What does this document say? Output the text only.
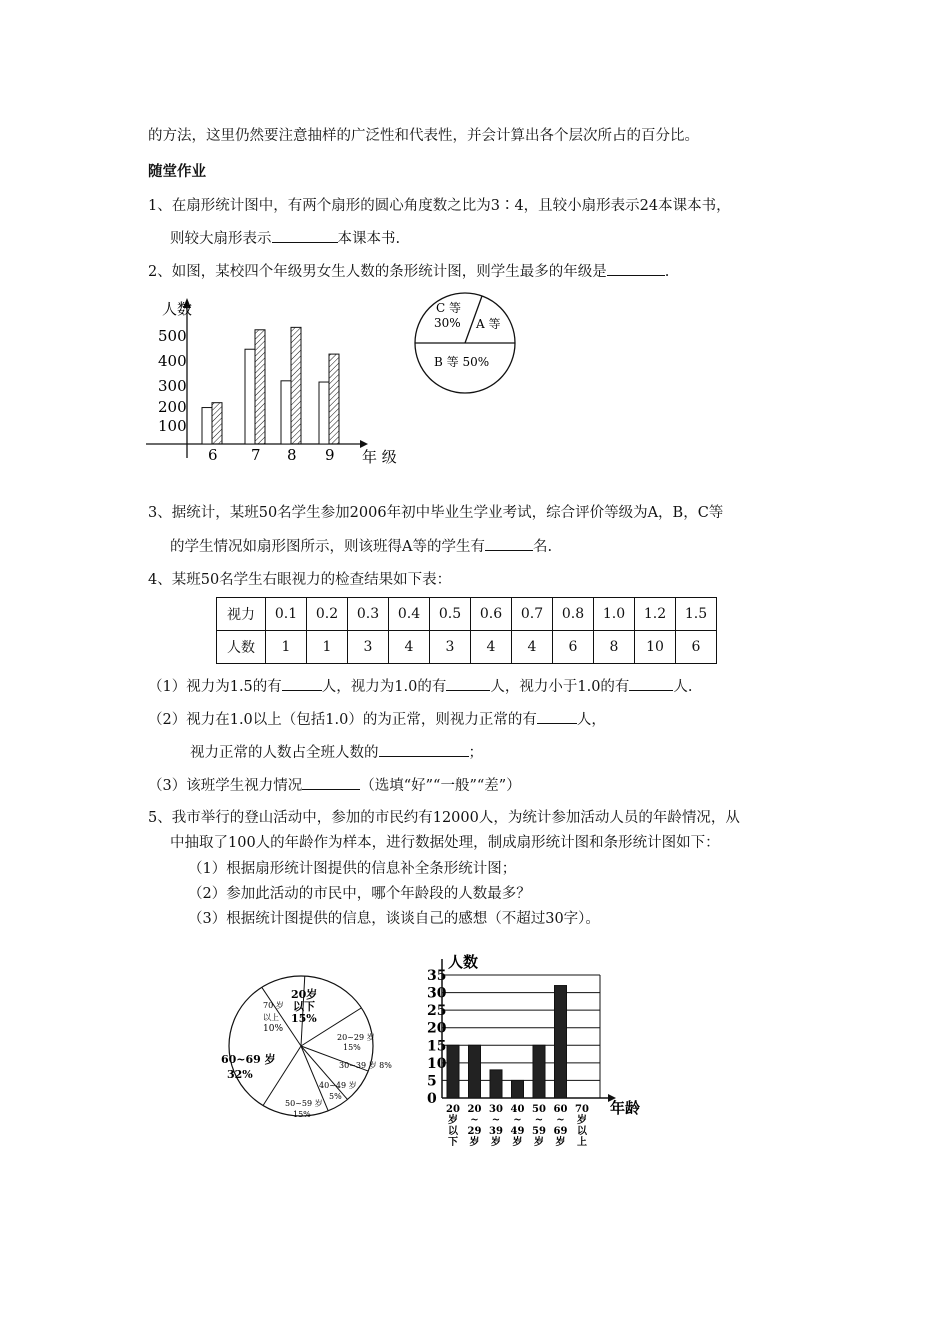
的方法，这里仍然要注意抽样的广泛性和代表性，并会计算出各个层次所占的百分比。
随堂作业
1、在扇形统计图中，有两个扇形的圆心角度数之比为3∶4，且较小扇形表示24本课本书，
则较大扇形表示	本课本书.
2、如图，某校四个年级男女生人数的条形统计图，则学生最多的年级是	.
人数
年 级
100
200
300
400
500
6 7 8 9
C 等
30% A 等
B 等 50%
3、据统计，某班50名学生参加2006年初中毕业生学业考试，综合评价等级为A，B，C等
的学生情况如扇形图所示，则该班得A等的学生有	名.
4、某班50名学生右眼视力的检查结果如下表：
视力	0.1	0.2	0.3	0.4	0.5	0.6	0.7	0.8	1.0	1.2	1.5
人数	1	1	3	4	3	4	4	6	8	10	6
（1）视力为1.5的有	人，视力为1.0的有	人，视力小于1.0的有	人.
（2）视力在1.0以上（包括1.0）的为正常，则视力正常的有	人，
视力正常的人数占全班人数的	；
（3）该班学生视力情况	（选填“好”“一般”“差”）
5、我市举行的登山活动中，参加的市民约有12000人，为统计参加活动人员的年龄情况，从
中抽取了100人的年龄作为样本，进行数据处理，制成扇形统计图和条形统计图如下：
（1）根据扇形统计图提供的信息补全条形统计图；
（2）参加此活动的市民中，哪个年龄段的人数最多？
（3）根据统计图提供的信息，谈谈自己的感想（不超过30字）。
20岁
以下
15%
20~29 岁
15%
30~39 岁 8%
40~49 岁
5%
50~59 岁
15%
60~69 岁
32%
70 岁
以上
10%
0
5
10
15
20
25
30
35
人数
年龄
20
岁
以
下
20
~
29
岁
30
~
39
岁
40
~
49
岁
50
~
59
岁
60
~
69
岁
70
岁
以
上
